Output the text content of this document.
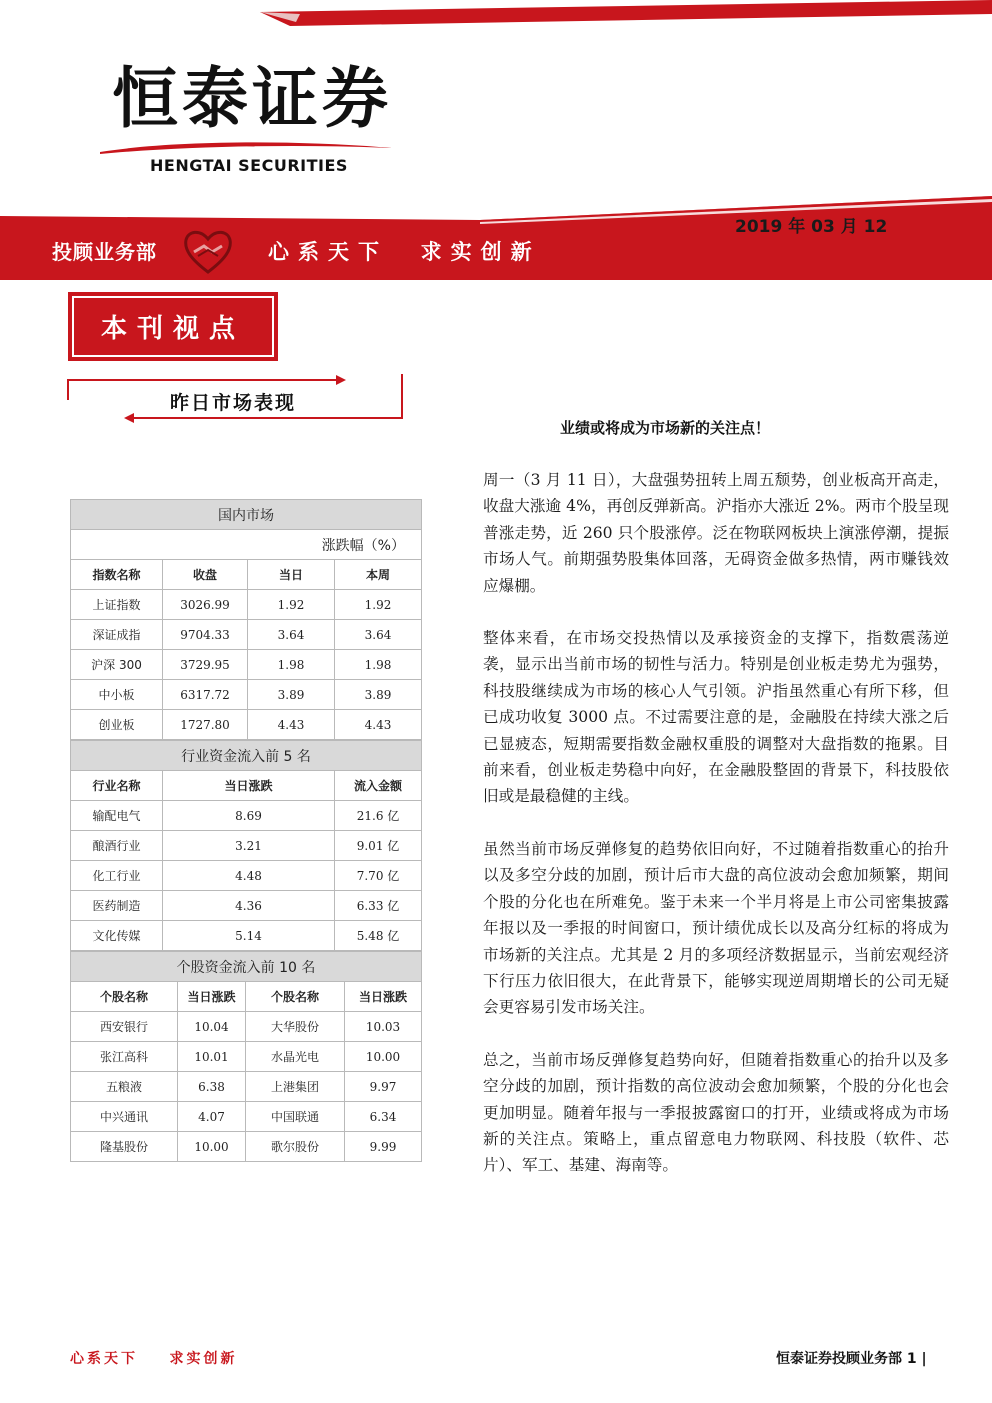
恒泰证券
HENGTAI SECURITIES
2019 年 03 月 12
投顾业务部	心系天下  求实创新
本刊视点
昨日市场表现
国内市场			
涨跌幅（%）			
指数名称	收盘	当日	本周
上证指数	3026.99	1.92	1.92
深证成指	9704.33	3.64	3.64
沪深 300	3729.95	1.98	1.98
中小板	6317.72	3.89	3.89
创业板	1727.80	4.43	4.43
行业资金流入前 5 名		
行业名称	当日涨跌	流入金额
输配电气	8.69	21.6 亿
酿酒行业	3.21	9.01 亿
化工行业	4.48	7.70 亿
医药制造	4.36	6.33 亿
文化传媒	5.14	5.48 亿
个股资金流入前 10 名			
个股名称	当日涨跌	个股名称	当日涨跌
西安银行	10.04	大华股份	10.03
张江高科	10.01	水晶光电	10.00
五粮液	6.38	上港集团	9.97
中兴通讯	4.07	中国联通	6.34
隆基股份	10.00	歌尔股份	9.99
业绩或将成为市场新的关注点！

周一（3 月 11 日），大盘强势扭转上周五颓势，创业板高开高走，收盘大涨逾 4%，再创反弹新高。沪指亦大涨近 2%。两市个股呈现普涨走势，近 260 只个股涨停。泛在物联网板块上演涨停潮，提振市场人气。前期强势股集体回落，无碍资金做多热情，两市赚钱效应爆棚。

整体来看，在市场交投热情以及承接资金的支撑下，指数震荡逆袭，显示出当前市场的韧性与活力。特别是创业板走势尤为强势，科技股继续成为市场的核心人气引领。沪指虽然重心有所下移，但已成功收复 3000 点。不过需要注意的是，金融股在持续大涨之后已显疲态，短期需要指数金融权重股的调整对大盘指数的拖累。目前来看，创业板走势稳中向好，在金融股整固的背景下，科技股依旧或是最稳健的主线。

虽然当前市场反弹修复的趋势依旧向好，不过随着指数重心的抬升以及多空分歧的加剧，预计后市大盘的高位波动会愈加频繁，期间个股的分化也在所难免。鉴于未来一个半月将是上市公司密集披露年报以及一季报的时间窗口，预计绩优成长以及高分红标的将成为市场新的关注点。尤其是 2 月的多项经济数据显示，当前宏观经济下行压力依旧很大，在此背景下，能够实现逆周期增长的公司无疑会更容易引发市场关注。

总之，当前市场反弹修复趋势向好，但随着指数重心的抬升以及多空分歧的加剧，预计指数的高位波动会愈加频繁，个股的分化也会更加明显。随着年报与一季报披露窗口的打开，业绩或将成为市场新的关注点。策略上，重点留意电力物联网、科技股（软件、芯片）、军工、基建、海南等。

心系天下    求实创新	恒泰证券投顾业务部 1 |
